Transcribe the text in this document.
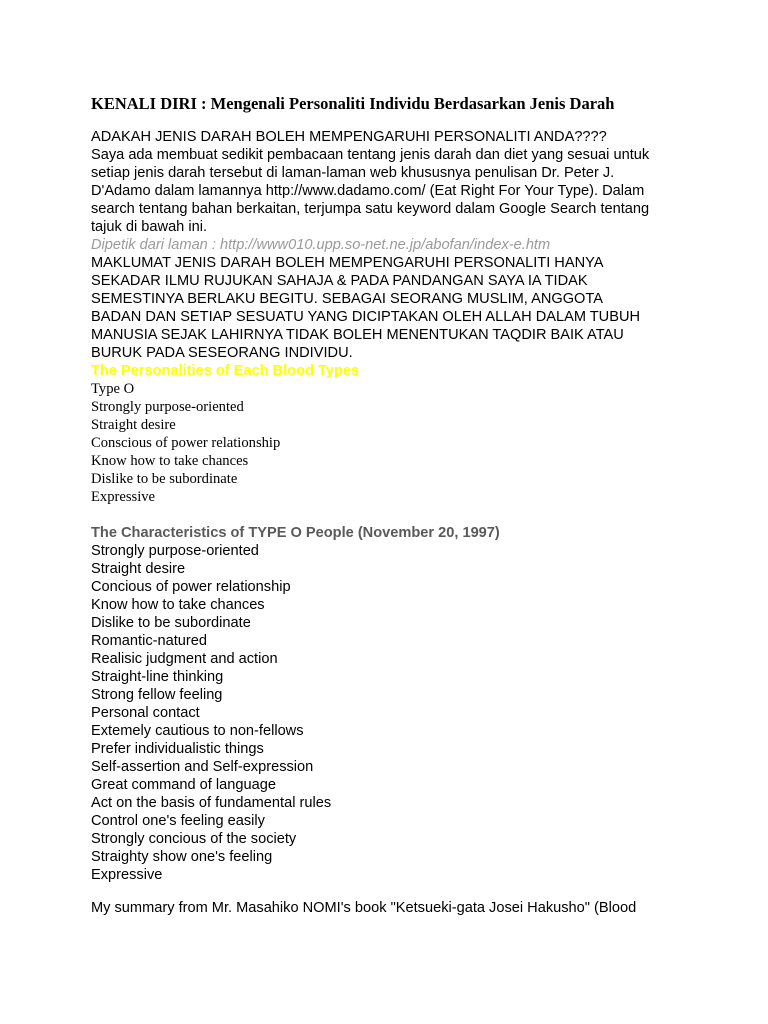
KENALI DIRI : Mengenali Personaliti Individu Berdasarkan Jenis Darah
ADAKAH JENIS DARAH BOLEH MEMPENGARUHI PERSONALITI ANDA????
Saya ada membuat sedikit pembacaan tentang jenis darah dan diet yang sesuai untuk
setiap jenis darah tersebut di laman-laman web khususnya penulisan Dr. Peter J.
D'Adamo dalam lamannya http://www.dadamo.com/ (Eat Right For Your Type). Dalam
search tentang bahan berkaitan, terjumpa satu keyword dalam Google Search tentang
tajuk di bawah ini.
Dipetik dari laman : http://www010.upp.so-net.ne.jp/abofan/index-e.htm
MAKLUMAT JENIS DARAH BOLEH MEMPENGARUHI PERSONALITI HANYA
SEKADAR ILMU RUJUKAN SAHAJA & PADA PANDANGAN SAYA IA TIDAK
SEMESTINYA BERLAKU BEGITU. SEBAGAI SEORANG MUSLIM, ANGGOTA
BADAN DAN SETIAP SESUATU YANG DICIPTAKAN OLEH ALLAH DALAM TUBUH
MANUSIA SEJAK LAHIRNYA TIDAK BOLEH MENENTUKAN TAQDIR BAIK ATAU
BURUK PADA SESEORANG INDIVIDU.
The Personalities of Each Blood Types
Type O
Strongly purpose-oriented
Straight desire
Conscious of power relationship
Know how to take chances
Dislike to be subordinate
Expressive
The Characteristics of TYPE O People (November 20, 1997)
Strongly purpose-oriented
Straight desire
Concious of power relationship
Know how to take chances
Dislike to be subordinate
Romantic-natured
Realisic judgment and action
Straight-line thinking
Strong fellow feeling
Personal contact
Extemely cautious to non-fellows
Prefer individualistic things
Self-assertion and Self-expression
Great command of language
Act on the basis of fundamental rules
Control one's feeling easily
Strongly concious of the society
Straighty show one's feeling
Expressive
My summary from Mr. Masahiko NOMI's book "Ketsueki-gata Josei Hakusho" (Blood
